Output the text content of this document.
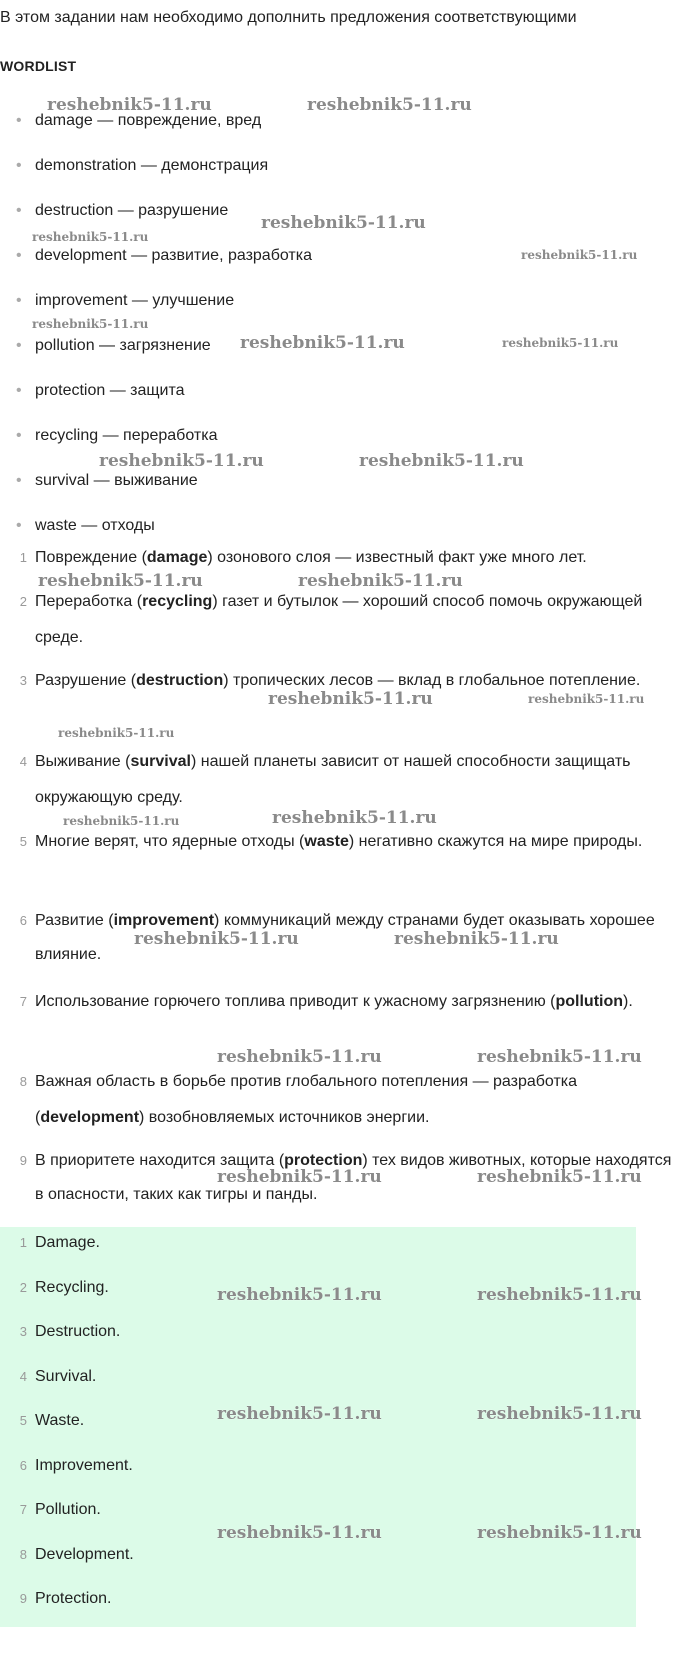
В этом задании нам необходимо дополнить предложения соответствующими
WORDLIST
• damage — повреждение, вред
• demonstration — демонстрация
• destruction — разрушение
• development — развитие, разработка
• improvement — улучшение
• pollution — загрязнение
• protection — защита
• recycling — переработка
• survival — выживание
• waste — отходы
1 Повреждение (damage) озонового слоя — известный факт уже много лет.
2 Переработка (recycling) газет и бутылок — хороший способ помочь окружающей среде.
3 Разрушение (destruction) тропических лесов — вклад в глобальное потепление.
4 Выживание (survival) нашей планеты зависит от нашей способности защищать окружающую среду.
5 Многие верят, что ядерные отходы (waste) негативно скажутся на мире природы.
6 Развитие (improvement) коммуникаций между странами будет оказывать хорошее влияние.
7 Использование горючего топлива приводит к ужасному загрязнению (pollution).
8 Важная область в борьбе против глобального потепления — разработка (development) возобновляемых источников энергии.
9 В приоритете находится защита (protection) тех видов животных, которые находятся в опасности, таких как тигры и панды.
1 Damage.
2 Recycling.
3 Destruction.
4 Survival.
5 Waste.
6 Improvement.
7 Pollution.
8 Development.
9 Protection.
reshebnik5-11.ru	reshebnik5-11.ru
reshebnik5-11.ru
reshebnik5-11.ru
reshebnik5-11.ru
reshebnik5-11.ru
reshebnik5-11.ru	reshebnik5-11.ru
reshebnik5-11.ru	reshebnik5-11.ru
reshebnik5-11.ru	reshebnik5-11.ru
reshebnik5-11.ru	reshebnik5-11.ru
reshebnik5-11.ru
reshebnik5-11.ru	reshebnik5-11.ru
reshebnik5-11.ru	reshebnik5-11.ru
reshebnik5-11.ru	reshebnik5-11.ru
reshebnik5-11.ru	reshebnik5-11.ru
reshebnik5-11.ru	reshebnik5-11.ru
reshebnik5-11.ru	reshebnik5-11.ru
reshebnik5-11.ru	reshebnik5-11.ru
